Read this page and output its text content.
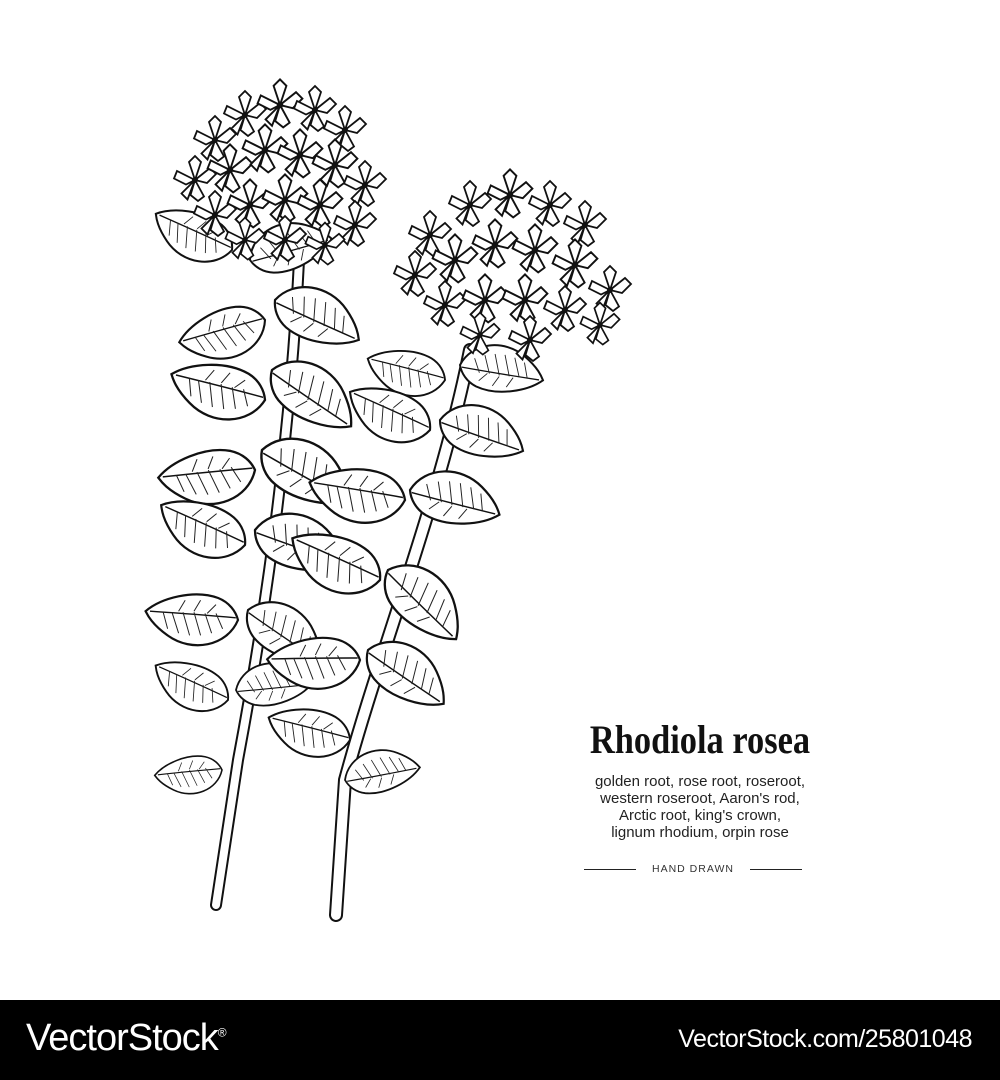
Rhodiola rosea
golden root, rose root, roseroot,
western roseroot, Aaron's rod,
Arctic root, king's crown,
lignum rhodium, orpin rose
HAND DRAWN
VectorStock®	VectorStock.com/25801048
